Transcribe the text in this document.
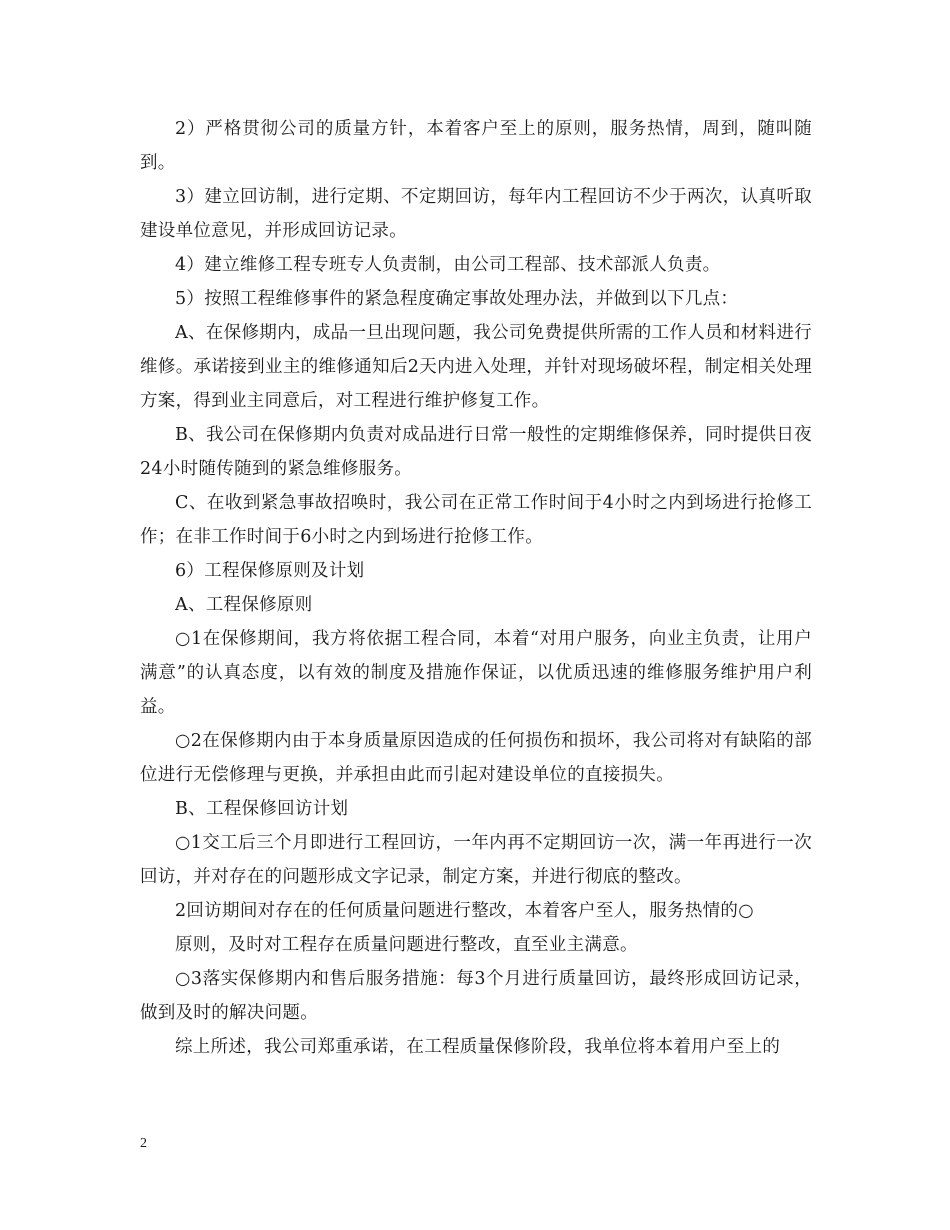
2）严格贯彻公司的质量方针，本着客户至上的原则，服务热情，周到，随叫随到。

3）建立回访制，进行定期、不定期回访，每年内工程回访不少于两次，认真听取建设单位意见，并形成回访记录。

4）建立维修工程专班专人负责制，由公司工程部、技术部派人负责。

5）按照工程维修事件的紧急程度确定事故处理办法，并做到以下几点：

A、在保修期内，成品一旦出现问题，我公司免费提供所需的工作人员和材料进行维修。承诺接到业主的维修通知后2天内进入处理，并针对现场破坏程，制定相关处理方案，得到业主同意后，对工程进行维护修复工作。

B、我公司在保修期内负责对成品进行日常一般性的定期维修保养，同时提供日夜24小时随传随到的紧急维修服务。

C、在收到紧急事故招唤时，我公司在正常工作时间于4小时之内到场进行抢修工作；在非工作时间于6小时之内到场进行抢修工作。

6）工程保修原则及计划

A、工程保修原则

○1在保修期间，我方将依据工程合同，本着“对用户服务，向业主负责，让用户满意”的认真态度，以有效的制度及措施作保证，以优质迅速的维修服务维护用户利益。

○2在保修期内由于本身质量原因造成的任何损伤和损坏，我公司将对有缺陷的部位进行无偿修理与更换，并承担由此而引起对建设单位的直接损失。

B、工程保修回访计划

○1交工后三个月即进行工程回访，一年内再不定期回访一次，满一年再进行一次回访，并对存在的问题形成文字记录，制定方案，并进行彻底的整改。

2回访期间对存在的任何质量问题进行整改，本着客户至人，服务热情的○

原则，及时对工程存在质量问题进行整改，直至业主满意。

○3落实保修期内和售后服务措施：每3个月进行质量回访，最终形成回访记录，做到及时的解决问题。

综上所述，我公司郑重承诺，在工程质量保修阶段，我单位将本着用户至上的

2
